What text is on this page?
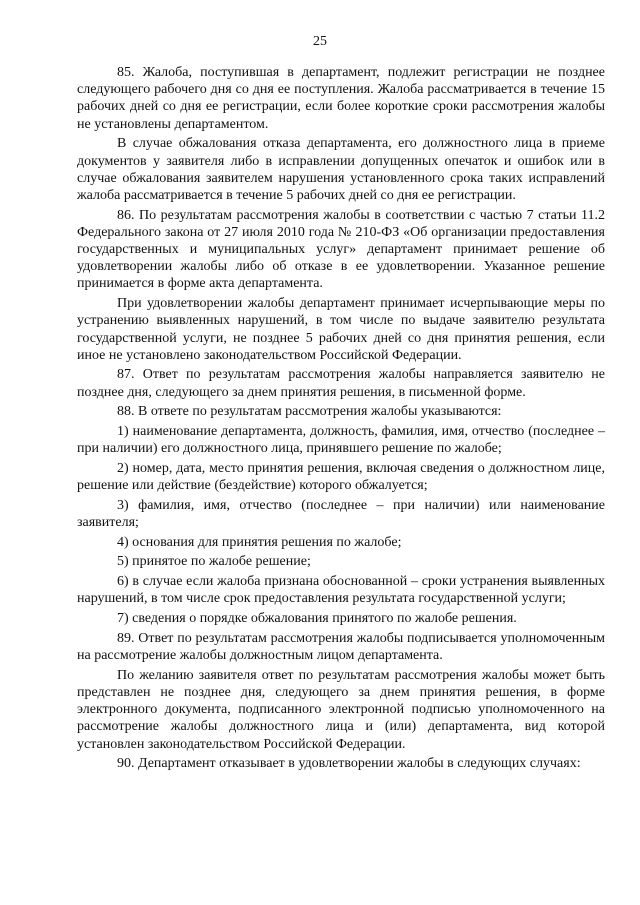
25

85. Жалоба, поступившая в департамент, подлежит регистрации не позднее следующего рабочего дня со дня ее поступления. Жалоба рассматривается в течение 15 рабочих дней со дня ее регистрации, если более короткие сроки рассмотрения жалобы не установлены департаментом.

В случае обжалования отказа департамента, его должностного лица в приеме документов у заявителя либо в исправлении допущенных опечаток и ошибок или в случае обжалования заявителем нарушения установленного срока таких исправлений жалоба рассматривается в течение 5 рабочих дней со дня ее регистрации.

86. По результатам рассмотрения жалобы в соответствии с частью 7 статьи 11.2 Федерального закона от 27 июля 2010 года № 210-ФЗ «Об организации предоставления государственных и муниципальных услуг» департамент принимает решение об удовлетворении жалобы либо об отказе в ее удовлетворении. Указанное решение принимается в форме акта департамента.

При удовлетворении жалобы департамент принимает исчерпывающие меры по устранению выявленных нарушений, в том числе по выдаче заявителю результата государственной услуги, не позднее 5 рабочих дней со дня принятия решения, если иное не установлено законодательством Российской Федерации.

87. Ответ по результатам рассмотрения жалобы направляется заявителю не позднее дня, следующего за днем принятия решения, в письменной форме.

88. В ответе по результатам рассмотрения жалобы указываются:

1) наименование департамента, должность, фамилия, имя, отчество (последнее – при наличии) его должностного лица, принявшего решение по жалобе;

2) номер, дата, место принятия решения, включая сведения о должностном лице, решение или действие (бездействие) которого обжалуется;

3) фамилия, имя, отчество (последнее – при наличии) или наименование заявителя;

4) основания для принятия решения по жалобе;

5) принятое по жалобе решение;

6) в случае если жалоба признана обоснованной – сроки устранения выявленных нарушений, в том числе срок предоставления результата государственной услуги;

7) сведения о порядке обжалования принятого по жалобе решения.

89. Ответ по результатам рассмотрения жалобы подписывается уполномоченным на рассмотрение жалобы должностным лицом департамента.

По желанию заявителя ответ по результатам рассмотрения жалобы может быть представлен не позднее дня, следующего за днем принятия решения, в форме электронного документа, подписанного электронной подписью уполномоченного на рассмотрение жалобы должностного лица и (или) департамента, вид которой установлен законодательством Российской Федерации.

90. Департамент отказывает в удовлетворении жалобы в следующих случаях:
